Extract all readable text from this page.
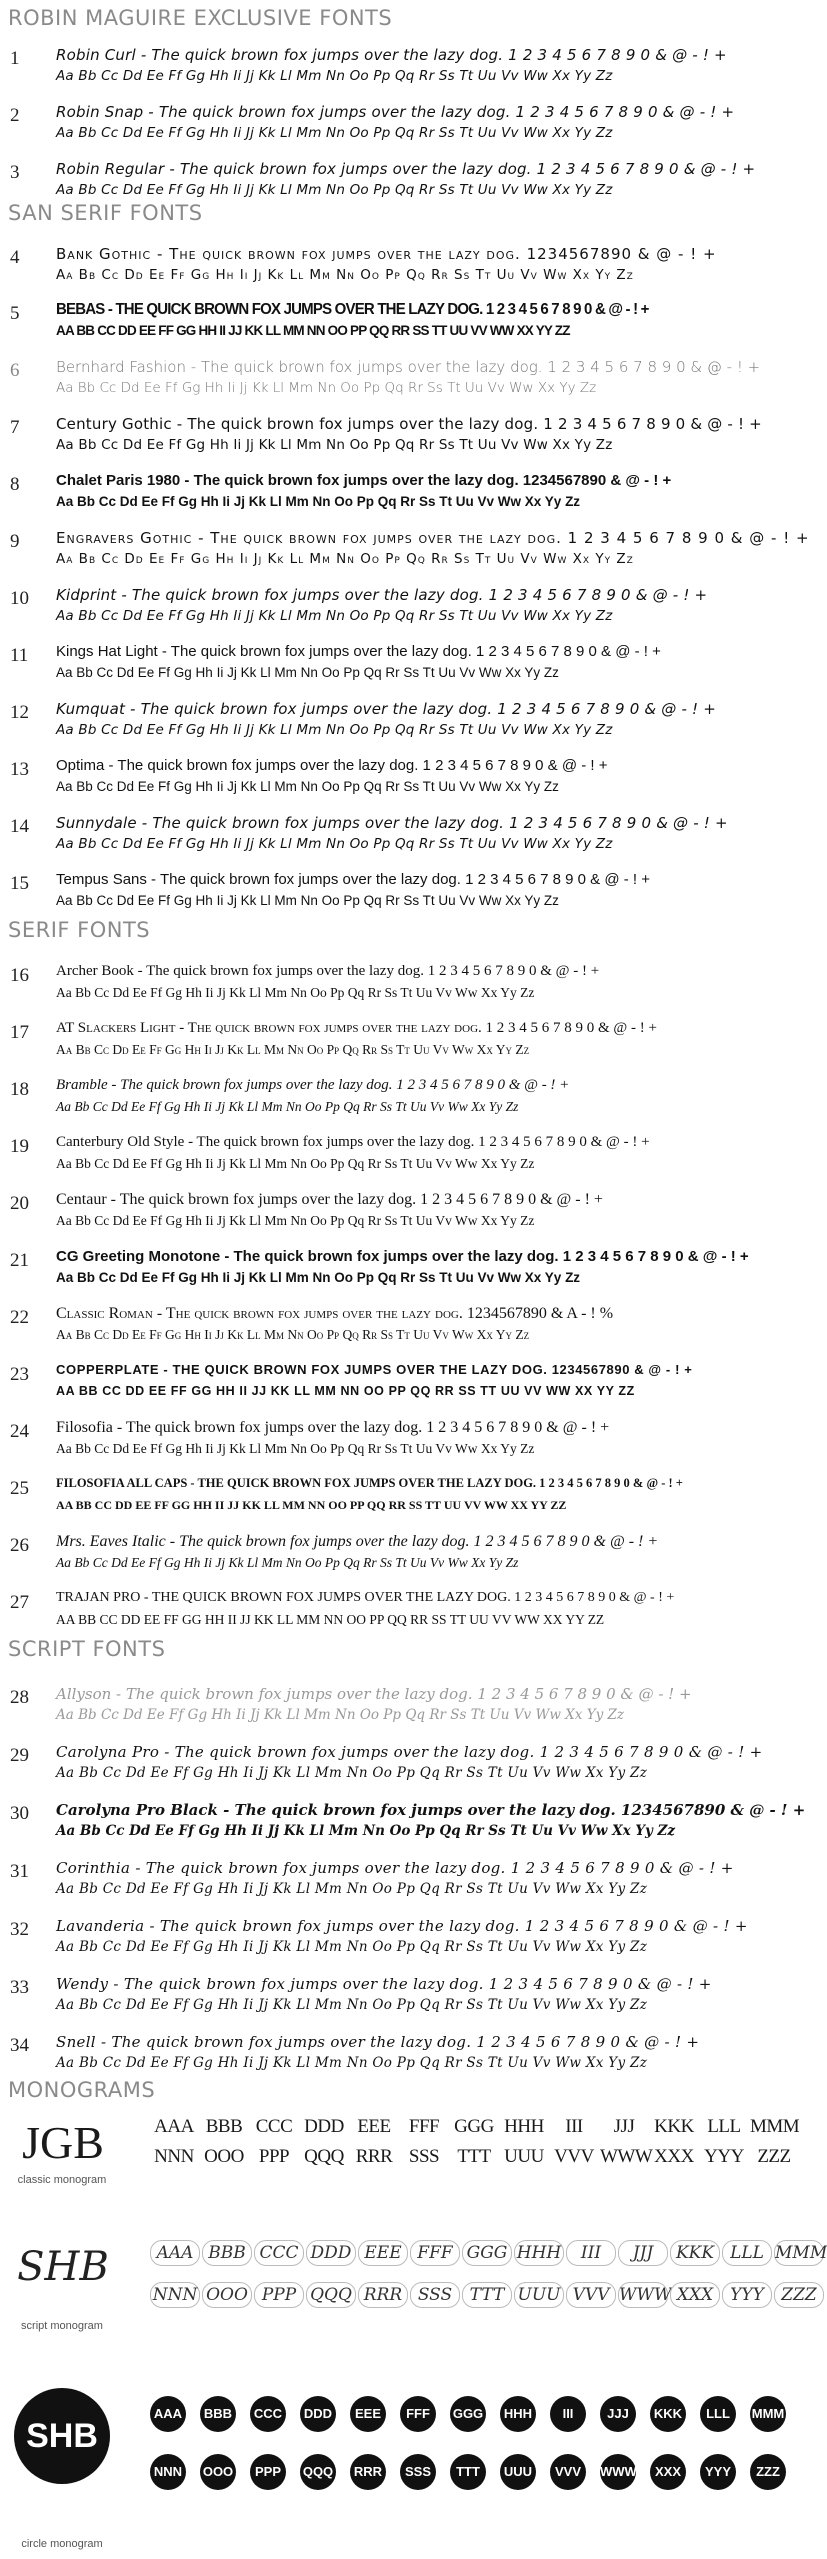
ROBIN MAGUIRE EXCLUSIVE FONTS
1	Robin Curl - The quick brown fox jumps over the lazy dog. 1 2 3 4 5 6 7 8 9 0 & @ - ! +
Aa Bb Cc Dd Ee Ff Gg Hh Ii Jj Kk Ll Mm Nn Oo Pp Qq Rr Ss Tt Uu Vv Ww Xx Yy Zz
2	Robin Snap - The quick brown fox jumps over the lazy dog. 1 2 3 4 5 6 7 8 9 0 & @ - ! +
Aa Bb Cc Dd Ee Ff Gg Hh Ii Jj Kk Ll Mm Nn Oo Pp Qq Rr Ss Tt Uu Vv Ww Xx Yy Zz
3	Robin Regular - The quick brown fox jumps over the lazy dog. 1 2 3 4 5 6 7 8 9 0 & @ - ! +
Aa Bb Cc Dd Ee Ff Gg Hh Ii Jj Kk Ll Mm Nn Oo Pp Qq Rr Ss Tt Uu Vv Ww Xx Yy Zz
SAN SERIF FONTS
4	Bank Gothic - The quick brown fox jumps over the lazy dog. 1234567890 & @ - ! +
Aa Bb Cc Dd Ee Ff Gg Hh Ii Jj Kk Ll Mm Nn Oo Pp Qq Rr Ss Tt Uu Vv Ww Xx Yy Zz
5	BEBAS - THE QUICK BROWN FOX JUMPS OVER THE LAZY DOG. 1 2 3 4 5 6 7 8 9 0 & @ - ! +
AA BB CC DD EE FF GG HH II JJ KK LL MM NN OO PP QQ RR SS TT UU VV WW XX YY ZZ
6	Bernhard Fashion - The quick brown fox jumps over the lazy dog. 1 2 3 4 5 6 7 8 9 0 & @ - ! +
Aa Bb Cc Dd Ee Ff Gg Hh Ii Jj Kk Ll Mm Nn Oo Pp Qq Rr Ss Tt Uu Vv Ww Xx Yy Zz
7	Century Gothic - The quick brown fox jumps over the lazy dog. 1 2 3 4 5 6 7 8 9 0 & @ - ! +
Aa Bb Cc Dd Ee Ff Gg Hh Ii Jj Kk Ll Mm Nn Oo Pp Qq Rr Ss Tt Uu Vv Ww Xx Yy Zz
8	Chalet Paris 1980 - The quick brown fox jumps over the lazy dog. 1234567890 & @ - ! +
Aa Bb Cc Dd Ee Ff Gg Hh Ii Jj Kk Ll Mm Nn Oo Pp Qq Rr Ss Tt Uu Vv Ww Xx Yy Zz
9	Engravers Gothic - The quick brown fox jumps over the lazy dog. 1 2 3 4 5 6 7 8 9 0 & @ - ! +
Aa Bb Cc Dd Ee Ff Gg Hh Ii Jj Kk Ll Mm Nn Oo Pp Qq Rr Ss Tt Uu Vv Ww Xx Yy Zz
10	Kidprint - The quick brown fox jumps over the lazy dog. 1 2 3 4 5 6 7 8 9 0 & @ - ! +
Aa Bb Cc Dd Ee Ff Gg Hh Ii Jj Kk Ll Mm Nn Oo Pp Qq Rr Ss Tt Uu Vv Ww Xx Yy Zz
11	Kings Hat Light - The quick brown fox jumps over the lazy dog. 1 2 3 4 5 6 7 8 9 0 & @ - ! +
Aa Bb Cc Dd Ee Ff Gg Hh Ii Jj Kk Ll Mm Nn Oo Pp Qq Rr Ss Tt Uu Vv Ww Xx Yy Zz
12	Kumquat - The quick brown fox jumps over the lazy dog. 1 2 3 4 5 6 7 8 9 0 & @ - ! +
Aa Bb Cc Dd Ee Ff Gg Hh Ii Jj Kk Ll Mm Nn Oo Pp Qq Rr Ss Tt Uu Vv Ww Xx Yy Zz
13	Optima - The quick brown fox jumps over the lazy dog. 1 2 3 4 5 6 7 8 9 0 & @ - ! +
Aa Bb Cc Dd Ee Ff Gg Hh Ii Jj Kk Ll Mm Nn Oo Pp Qq Rr Ss Tt Uu Vv Ww Xx Yy Zz
14	Sunnydale - The quick brown fox jumps over the lazy dog. 1 2 3 4 5 6 7 8 9 0 & @ - ! +
Aa Bb Cc Dd Ee Ff Gg Hh Ii Jj Kk Ll Mm Nn Oo Pp Qq Rr Ss Tt Uu Vv Ww Xx Yy Zz
15	Tempus Sans - The quick brown fox jumps over the lazy dog. 1 2 3 4 5 6 7 8 9 0 & @ - ! +
Aa Bb Cc Dd Ee Ff Gg Hh Ii Jj Kk Ll Mm Nn Oo Pp Qq Rr Ss Tt Uu Vv Ww Xx Yy Zz
SERIF FONTS
16	Archer Book - The quick brown fox jumps over the lazy dog. 1 2 3 4 5 6 7 8 9 0 & @ - ! +
Aa Bb Cc Dd Ee Ff Gg Hh Ii Jj Kk Ll Mm Nn Oo Pp Qq Rr Ss Tt Uu Vv Ww Xx Yy Zz
17	AT Slackers Light - The quick brown fox jumps over the lazy dog. 1 2 3 4 5 6 7 8 9 0 & @ - ! +
Aa Bb Cc Dd Ee Ff Gg Hh Ii Jj Kk Ll Mm Nn Oo Pp Qq Rr Ss Tt Uu Vv Ww Xx Yy Zz
18	Bramble - The quick brown fox jumps over the lazy dog. 1 2 3 4 5 6 7 8 9 0 & @ - ! +
Aa Bb Cc Dd Ee Ff Gg Hh Ii Jj Kk Ll Mm Nn Oo Pp Qq Rr Ss Tt Uu Vv Ww Xx Yy Zz
19	Canterbury Old Style - The quick brown fox jumps over the lazy dog. 1 2 3 4 5 6 7 8 9 0 & @ - ! +
Aa Bb Cc Dd Ee Ff Gg Hh Ii Jj Kk Ll Mm Nn Oo Pp Qq Rr Ss Tt Uu Vv Ww Xx Yy Zz
20	Centaur - The quick brown fox jumps over the lazy dog. 1 2 3 4 5 6 7 8 9 0 & @ - ! +
Aa Bb Cc Dd Ee Ff Gg Hh Ii Jj Kk Ll Mm Nn Oo Pp Qq Rr Ss Tt Uu Vv Ww Xx Yy Zz
21	CG Greeting Monotone - The quick brown fox jumps over the lazy dog. 1 2 3 4 5 6 7 8 9 0 & @ - ! +
Aa Bb Cc Dd Ee Ff Gg Hh Ii Jj Kk Ll Mm Nn Oo Pp Qq Rr Ss Tt Uu Vv Ww Xx Yy Zz
22	Classic Roman - The quick brown fox jumps over the lazy dog. 1234567890 & A - ! %
Aa Bb Cc Dd Ee Ff Gg Hh Ii Jj Kk Ll Mm Nn Oo Pp Qq Rr Ss Tt Uu Vv Ww Xx Yy Zz
23	COPPERPLATE - THE QUICK BROWN FOX JUMPS OVER THE LAZY DOG. 1234567890 & @ - ! +
AA BB CC DD EE FF GG HH II JJ KK LL MM NN OO PP QQ RR SS TT UU VV WW XX YY ZZ
24	Filosofia - The quick brown fox jumps over the lazy dog. 1 2 3 4 5 6 7 8 9 0 & @ - ! +
Aa Bb Cc Dd Ee Ff Gg Hh Ii Jj Kk Ll Mm Nn Oo Pp Qq Rr Ss Tt Uu Vv Ww Xx Yy Zz
25	FILOSOFIA ALL CAPS - THE QUICK BROWN FOX JUMPS OVER THE LAZY DOG. 1 2 3 4 5 6 7 8 9 0 & @ - ! +
AA BB CC DD EE FF GG HH II JJ KK LL MM NN OO PP QQ RR SS TT UU VV WW XX YY ZZ
26	Mrs. Eaves Italic - The quick brown fox jumps over the lazy dog. 1 2 3 4 5 6 7 8 9 0 & @ - ! +
Aa Bb Cc Dd Ee Ff Gg Hh Ii Jj Kk Ll Mm Nn Oo Pp Qq Rr Ss Tt Uu Vv Ww Xx Yy Zz
27	TRAJAN PRO - THE QUICK BROWN FOX JUMPS OVER THE LAZY DOG. 1 2 3 4 5 6 7 8 9 0 & @ - ! +
AA BB CC DD EE FF GG HH II JJ KK LL MM NN OO PP QQ RR SS TT UU VV WW XX YY ZZ
SCRIPT FONTS
28	Allyson - The quick brown fox jumps over the lazy dog. 1 2 3 4 5 6 7 8 9 0 & @ - ! +
Aa Bb Cc Dd Ee Ff Gg Hh Ii Jj Kk Ll Mm Nn Oo Pp Qq Rr Ss Tt Uu Vv Ww Xx Yy Zz
29	Carolyna Pro - The quick brown fox jumps over the lazy dog. 1 2 3 4 5 6 7 8 9 0 & @ - ! +
Aa Bb Cc Dd Ee Ff Gg Hh Ii Jj Kk Ll Mm Nn Oo Pp Qq Rr Ss Tt Uu Vv Ww Xx Yy Zz
30	Carolyna Pro Black - The quick brown fox jumps over the lazy dog. 1234567890 & @ - ! +
Aa Bb Cc Dd Ee Ff Gg Hh Ii Jj Kk Ll Mm Nn Oo Pp Qq Rr Ss Tt Uu Vv Ww Xx Yy Zz
31	Corinthia - The quick brown fox jumps over the lazy dog. 1 2 3 4 5 6 7 8 9 0 & @ - ! +
Aa Bb Cc Dd Ee Ff Gg Hh Ii Jj Kk Ll Mm Nn Oo Pp Qq Rr Ss Tt Uu Vv Ww Xx Yy Zz
32	Lavanderia - The quick brown fox jumps over the lazy dog. 1 2 3 4 5 6 7 8 9 0 & @ - ! +
Aa Bb Cc Dd Ee Ff Gg Hh Ii Jj Kk Ll Mm Nn Oo Pp Qq Rr Ss Tt Uu Vv Ww Xx Yy Zz
33	Wendy - The quick brown fox jumps over the lazy dog. 1 2 3 4 5 6 7 8 9 0 & @ - ! +
Aa Bb Cc Dd Ee Ff Gg Hh Ii Jj Kk Ll Mm Nn Oo Pp Qq Rr Ss Tt Uu Vv Ww Xx Yy Zz
34	Snell - The quick brown fox jumps over the lazy dog. 1 2 3 4 5 6 7 8 9 0 & @ - ! +
Aa Bb Cc Dd Ee Ff Gg Hh Ii Jj Kk Ll Mm Nn Oo Pp Qq Rr Ss Tt Uu Vv Ww Xx Yy Zz
MONOGRAMS
JGB
classic monogram
AAA BBB CCC DDD EEE FFF GGG HHH III JJJ KKK LLL MMM
NNN OOO PPP QQQ RRR SSS TTT UUU VVV WWWXXX YYY ZZZ
SHB
script monogram
AAA BBB CCC DDD EEE FFF GGG HHH III JJJ KKK LLL MMM
NNN OOO PPP QQQ RRR SSS TTT UUU VVV WWW XXX YYY ZZZ
SHB
circle monogram
AAA BBB CCC DDD EEE FFF GGG HHH III	JJJ KKK LLL MMM
NNN OOO PPP QQQ RRR SSS TTT UUU VVV WWW XXX YYY ZZZ
